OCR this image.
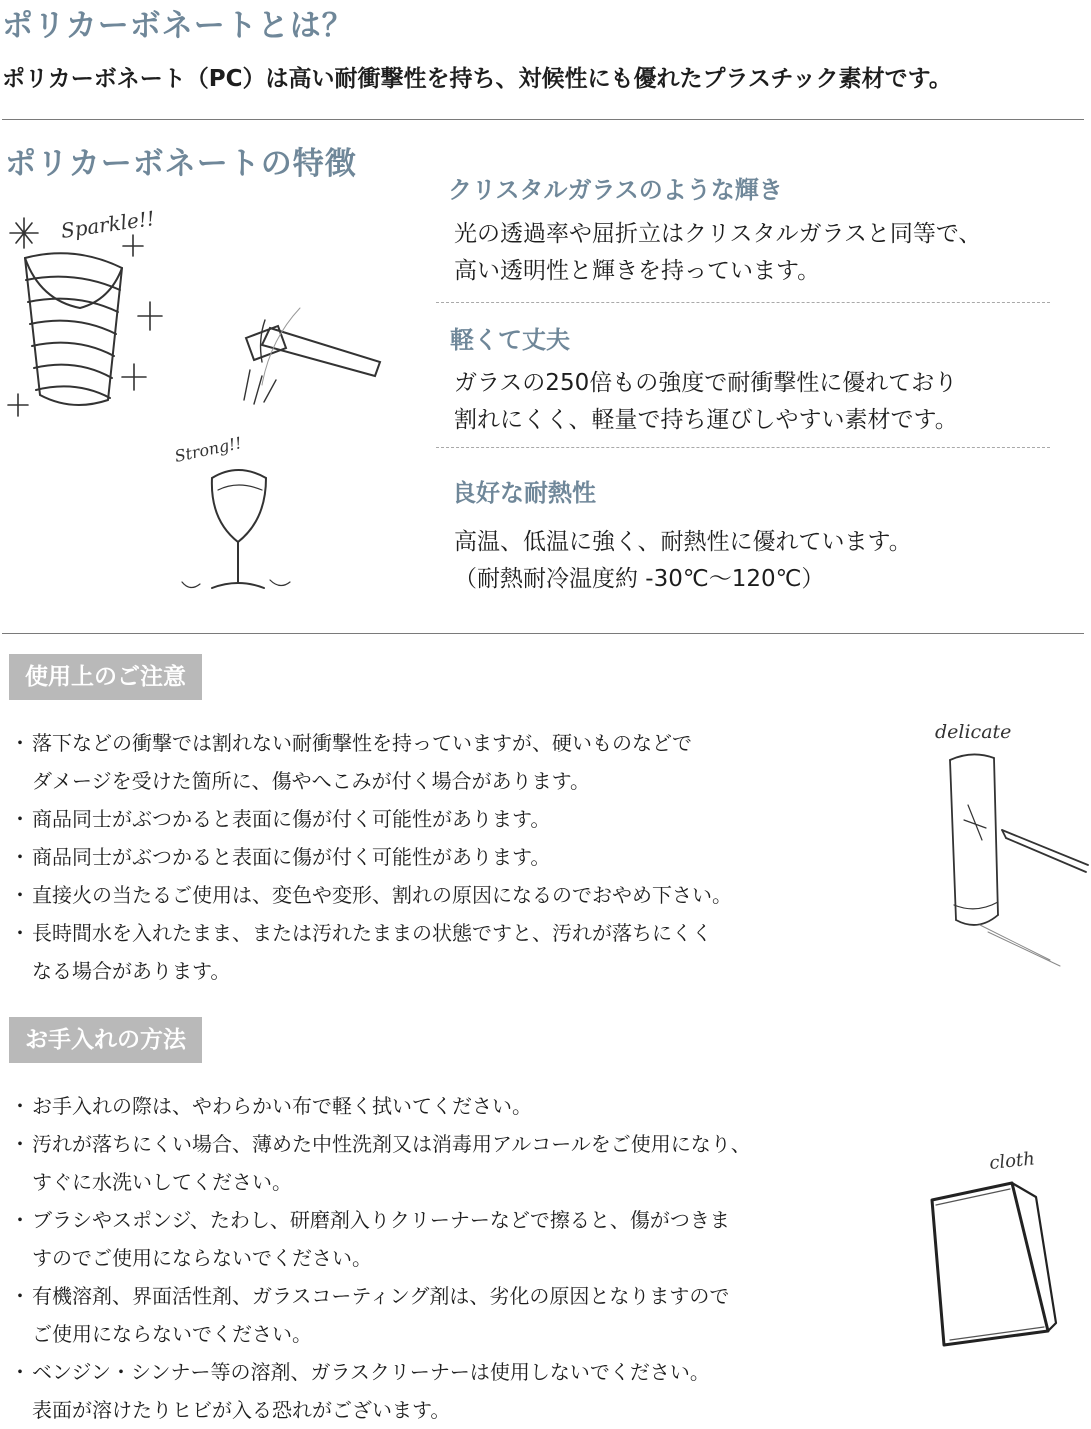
ポリカーボネートとは？
ポリカーボネート（PC）は高い耐衝撃性を持ち、対候性にも優れたプラスチック素材です。
ポリカーボネートの特徴
Sparkle!!
Strong!!
クリスタルガラスのような輝き
光の透過率や屈折立はクリスタルガラスと同等で、
高い透明性と輝きを持っています。
軽くて丈夫
ガラスの250倍もの強度で耐衝撃性に優れており
割れにくく、軽量で持ち運びしやすい素材です。
良好な耐熱性
高温、低温に強く、耐熱性に優れています。
（耐熱耐冷温度約 -30℃〜120℃）
使用上のご注意
・ 落下などの衝撃では割れない耐衝撃性を持っていますが、硬いものなどで
ダメージを受けた箇所に、傷やへこみが付く場合があります。
・ 商品同士がぶつかると表面に傷が付く可能性があります。
・ 商品同士がぶつかると表面に傷が付く可能性があります。
・ 直接火の当たるご使用は、変色や変形、割れの原因になるのでおやめ下さい。
・ 長時間水を入れたまま、または汚れたままの状態ですと、汚れが落ちにくく
なる場合があります。
delicate
お手入れの方法
・ お手入れの際は、やわらかい布で軽く拭いてください。
・ 汚れが落ちにくい場合、薄めた中性洗剤又は消毒用アルコールをご使用になり、
すぐに水洗いしてください。
・ ブラシやスポンジ、たわし、研磨剤入りクリーナーなどで擦ると、傷がつきま
すのでご使用にならないでください。
・ 有機溶剤、界面活性剤、ガラスコーティング剤は、劣化の原因となりますので
ご使用にならないでください。
・ ベンジン・シンナー等の溶剤、ガラスクリーナーは使用しないでください。
表面が溶けたりヒビが入る恐れがございます。
cloth
